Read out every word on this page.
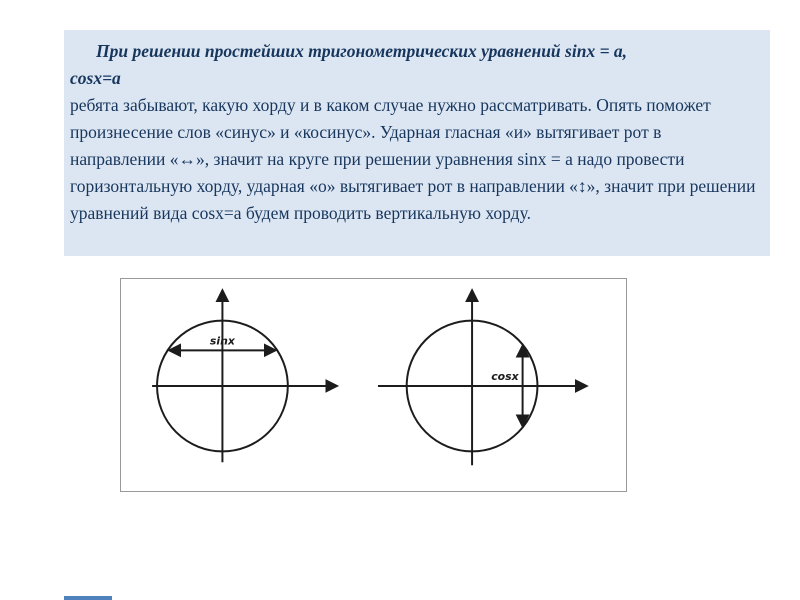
При решении простейших тригонометрических уравнений sinx = a,
cosx=a
ребята забывают, какую хорду и в каком случае нужно рассматривать. Опять поможет произнесение слов «синус» и «косинус». Ударная гласная «и» вытягивает рот в направлении «↔», значит на круге при решении уравнения sinx = a надо провести горизонтальную хорду, ударная «о» вытягивает рот в направлении «↕», значит при решении уравнений вида cosx=a будем проводить вертикальную хорду.

sinx
cosx
